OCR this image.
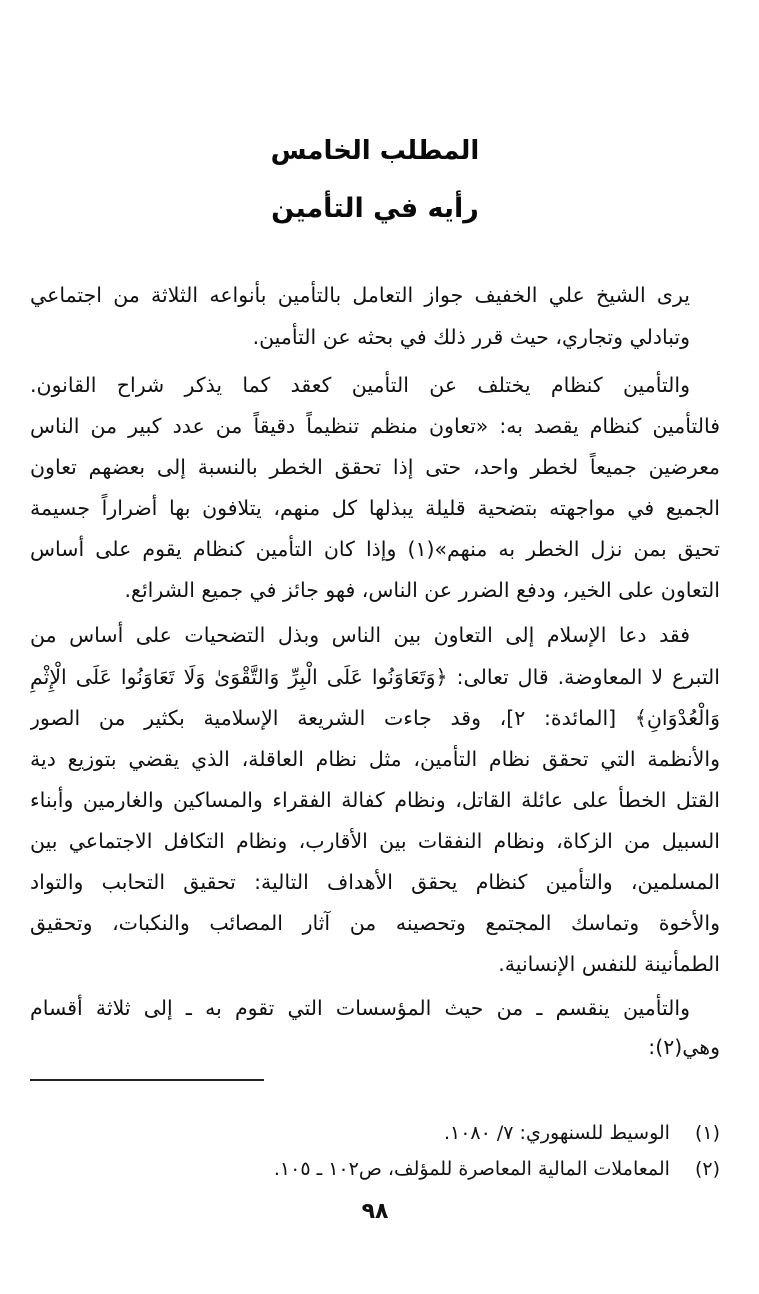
المطلب الخامس
رأيه في التأمين
يرى الشيخ علي الخفيف جواز التعامل بالتأمين بأنواعه الثلاثة من اجتماعي
وتبادلي وتجاري، حيث قرر ذلك في بحثه عن التأمين.
والتأمين كنظام يختلف عن التأمين كعقد كما يذكر شراح القانون.
فالتأمين كنظام يقصد به: «تعاون منظم تنظيماً دقيقاً من عدد كبير من الناس
معرضين جميعاً لخطر واحد، حتى إذا تحقق الخطر بالنسبة إلى بعضهم تعاون
الجميع في مواجهته بتضحية قليلة يبذلها كل منهم، يتلافون بها أضراراً جسيمة
تحيق بمن نزل الخطر به منهم»(١) وإذا كان التأمين كنظام يقوم على أساس
التعاون على الخير، ودفع الضرر عن الناس، فهو جائز في جميع الشرائع.
فقد دعا الإسلام إلى التعاون بين الناس وبذل التضحيات على أساس من
التبرع لا المعاوضة. قال تعالى: ﴿وَتَعَاوَنُوا عَلَى الْبِرِّ وَالتَّقْوَىٰ وَلَا تَعَاوَنُوا عَلَى الْإِثْمِ
وَالْعُدْوَانِ﴾ [المائدة: ٢]، وقد جاءت الشريعة الإسلامية بكثير من الصور
والأنظمة التي تحقق نظام التأمين، مثل نظام العاقلة، الذي يقضي بتوزيع دية
القتل الخطأ على عائلة القاتل، ونظام كفالة الفقراء والمساكين والغارمين وأبناء
السبيل من الزكاة، ونظام النفقات بين الأقارب، ونظام التكافل الاجتماعي بين
المسلمين، والتأمين كنظام يحقق الأهداف التالية: تحقيق التحابب والتواد
والأخوة وتماسك المجتمع وتحصينه من آثار المصائب والنكبات، وتحقيق
الطمأنينة للنفس الإنسانية.
والتأمين ينقسم ـ من حيث المؤسسات التي تقوم به ـ إلى ثلاثة أقسام
وهي(٢):
(١) الوسيط للسنهوري: ٧/ ١٠٨٠.
(٢) المعاملات المالية المعاصرة للمؤلف، ص١٠٢ ـ ١٠٥.
٩٨
